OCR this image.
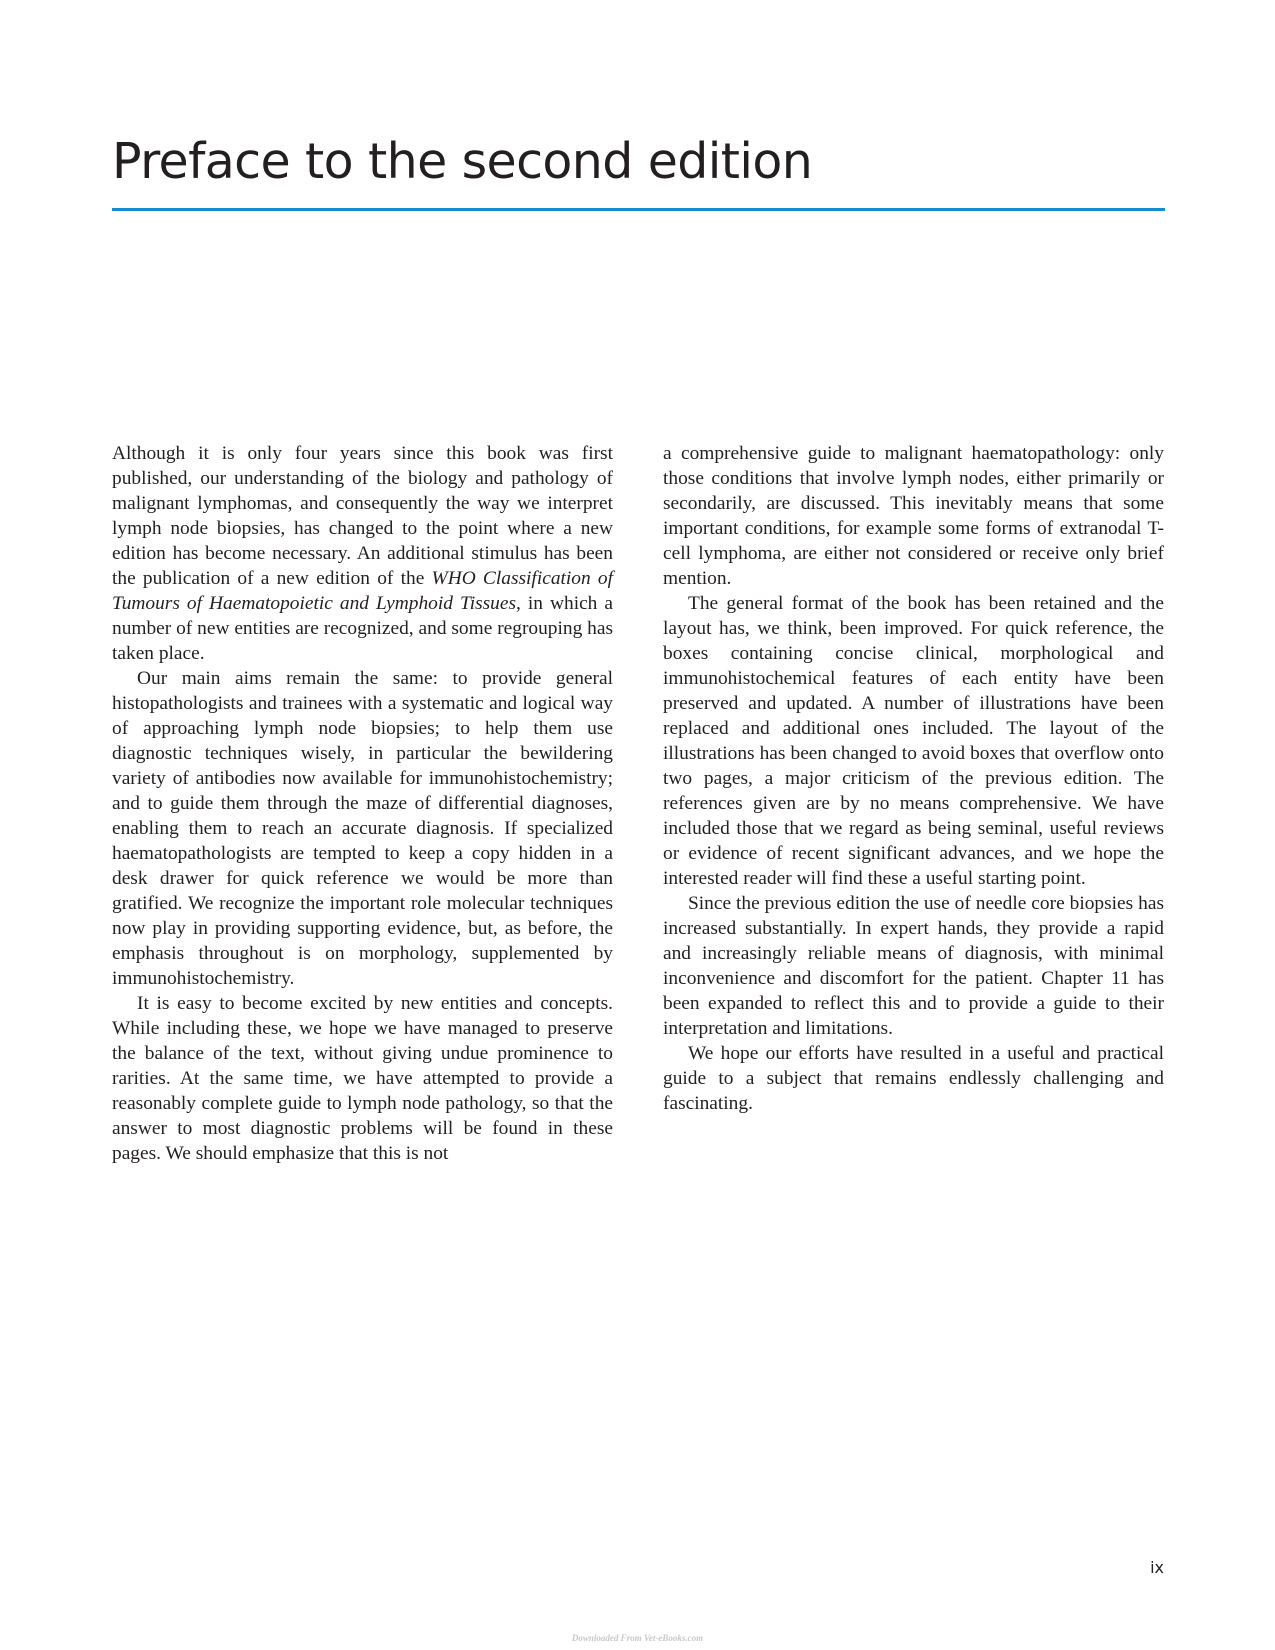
Preface to the second edition

Although it is only four years since this book was first published, our understanding of the biology and pathology of malignant lymphomas, and consequently the way we interpret lymph node biopsies, has changed to the point where a new edition has become necessary. An additional stimulus has been the publication of a new edition of the WHO Classification of Tumours of Haematopoietic and Lymphoid Tissues, in which a number of new entities are recognized, and some regrouping has taken place.

Our main aims remain the same: to provide general histopathologists and trainees with a systematic and logical way of approaching lymph node biopsies; to help them use diagnostic techniques wisely, in particular the bewildering variety of antibodies now available for immunohistochemistry; and to guide them through the maze of differential diagnoses, enabling them to reach an accurate diagnosis. If specialized haematopathologists are tempted to keep a copy hidden in a desk drawer for quick reference we would be more than gratified. We recognize the important role molecular techniques now play in providing supporting evidence, but, as before, the emphasis throughout is on morphology, supplemented by immunohistochemistry.

It is easy to become excited by new entities and concepts. While including these, we hope we have managed to preserve the balance of the text, without giving undue prominence to rarities. At the same time, we have attempted to provide a reasonably complete guide to lymph node pathology, so that the answer to most diagnostic problems will be found in these pages. We should emphasize that this is not

a comprehensive guide to malignant haematopathology: only those conditions that involve lymph nodes, either primarily or secondarily, are discussed. This inevitably means that some important conditions, for example some forms of extranodal T-cell lymphoma, are either not considered or receive only brief mention.

The general format of the book has been retained and the layout has, we think, been improved. For quick reference, the boxes containing concise clinical, morphological and immunohistochemical features of each entity have been preserved and updated. A number of illustrations have been replaced and additional ones included. The layout of the illustrations has been changed to avoid boxes that overflow onto two pages, a major criticism of the previous edition. The references given are by no means comprehensive. We have included those that we regard as being seminal, useful reviews or evidence of recent significant advances, and we hope the interested reader will find these a useful starting point.

Since the previous edition the use of needle core biopsies has increased substantially. In expert hands, they provide a rapid and increasingly reliable means of diagnosis, with minimal inconvenience and discomfort for the patient. Chapter 11 has been expanded to reflect this and to provide a guide to their interpretation and limitations.

We hope our efforts have resulted in a useful and practical guide to a subject that remains endlessly challenging and fascinating.

ix
Downloaded From Vet-eBooks.com
